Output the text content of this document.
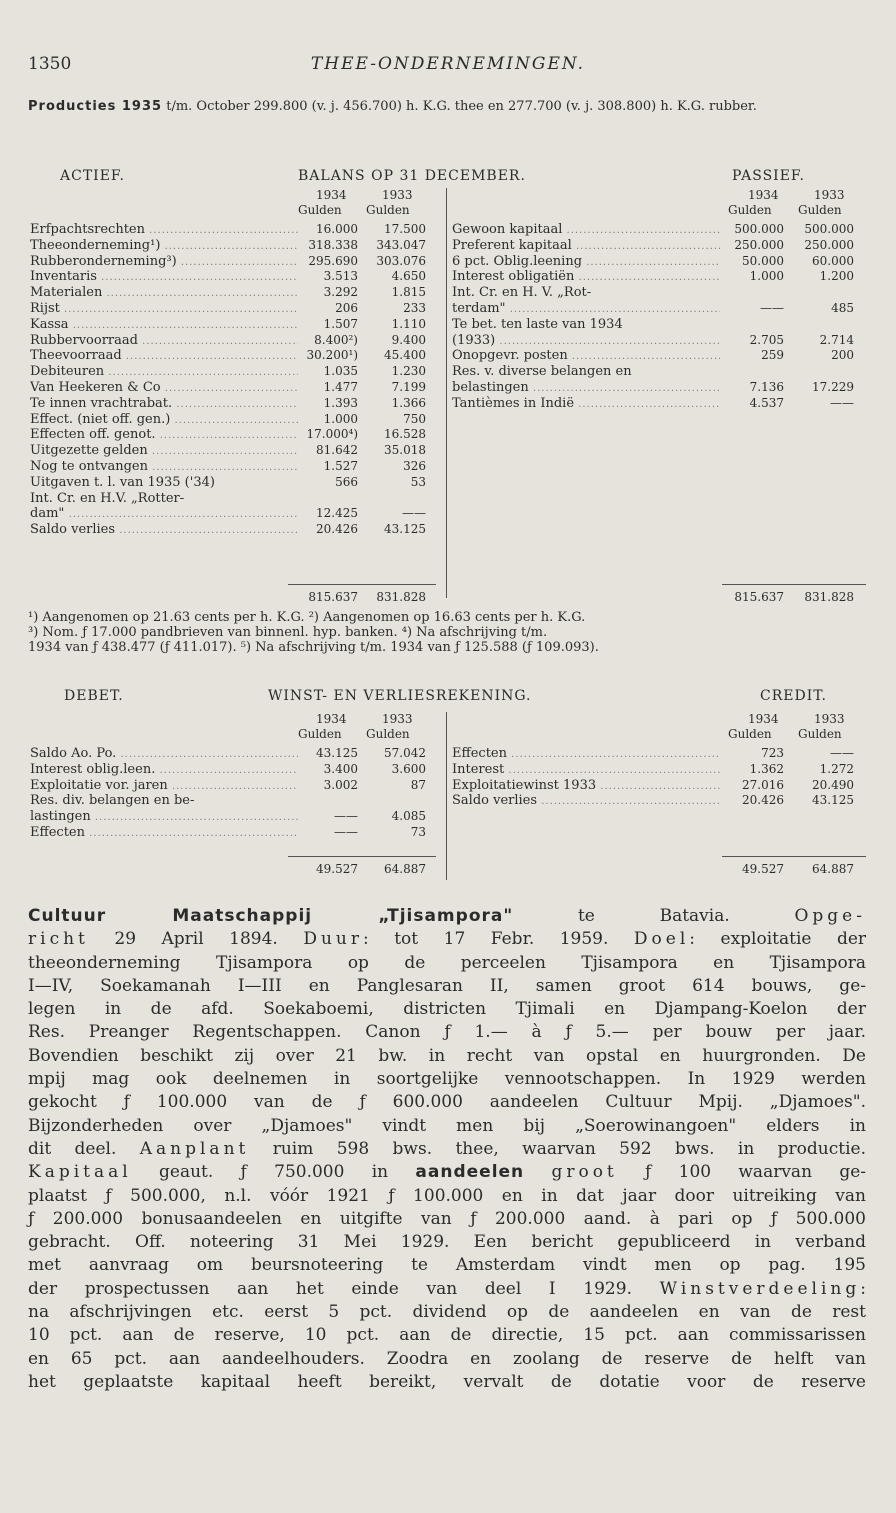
1350	THEE-ONDERNEMINGEN.
Producties 1935 t/m. October 299.800 (v. j. 456.700) h. K.G. thee en 277.700 (v. j. 308.800) h. K.G. rubber.
ACTIEF.	BALANS OP 31 DECEMBER.	PASSIEF.
1934	1933
Gulden Gulden
1934	1933
Gulden Gulden
Erfpachtsrechten .....	16.000	17.500
Theeonderneming¹) .....	318.338	343.047
Rubberonderneming³) .....	295.690	303.076
Inventaris .....	3.513	4.650
Materialen .....	3.292	1.815
Rijst .....	206	233
Kassa .....	1.507	1.110
Rubbervoorraad .....	8.400²)	9.400
Theevoorraad .....	30.200¹)	45.400
Debiteuren .....	1.035	1.230
Van Heekeren & Co .....	1.477	7.199
Te innen vrachtrabat. .....	1.393	1.366
Effect. (niet off. gen.) .....	1.000	750
Effecten off. genot. .....	17.000⁴)	16.528
Uitgezette gelden .....	81.642	35.018
Nog te ontvangen .....	1.527	326
Uitgaven t. l. van 1935 ('34)	566	53
Int. Cr. en H.V. „Rotter-
dam" .....	12.425	——
Saldo verlies .....	20.426	43.125
Gewoon kapitaal .....	500.000	500.000
Preferent kapitaal .....	250.000	250.000
6 pct. Oblig.leening .....	50.000	60.000
Interest obligatiën .....	1.000	1.200
Int. Cr. en H. V. „Rot-
terdam" .....	——	485
Te bet. ten laste van 1934
(1933) .....	2.705	2.714
Onopgevr. posten .....	259	200
Res. v. diverse belangen en
belastingen .....	7.136	17.229
Tantièmes in Indië .....	4.537	——
815.637	831.828	815.637	831.828
¹) Aangenomen op 21.63 cents per h. K.G. ²) Aangenomen op 16.63 cents per h. K.G.
³) Nom. ƒ 17.000 pandbrieven van binnenl. hyp. banken. ⁴) Na afschrijving t/m.
1934 van ƒ 438.477 (ƒ 411.017). ⁵) Na afschrijving t/m. 1934 van ƒ 125.588 (ƒ 109.093).
DEBET.	WINST- EN VERLIESREKENING.	CREDIT.
1934	1933
Gulden Gulden
1934	1933
Gulden Gulden
Saldo Ao. Po. .....	43.125	57.042
Interest oblig.leen. .....	3.400	3.600
Exploitatie vor. jaren .....	3.002	87
Res. div. belangen en be-
lastingen .....	——	4.085
Effecten .....	——	73
Effecten .....	723	——
Interest .....	1.362	1.272
Exploitatiewinst 1933 .....	27.016	20.490
Saldo verlies .....	20.426	43.125
49.527	64.887	49.527	64.887
Cultuur Maatschappij „Tjisampora" te Batavia. Opge-
richt 29 April 1894. Duur: tot 17 Febr. 1959. Doel: exploitatie der
theeonderneming Tjisampora op de perceelen Tjisampora en Tjisampora
I—IV, Soekamanah I—III en Panglesaran II, samen groot 614 bouws, ge-
legen in de afd. Soekaboemi, districten Tjimali en Djampang-Koelon der
Res. Preanger Regentschappen. Canon ƒ 1.— à ƒ 5.— per bouw per jaar.
Bovendien beschikt zij over 21 bw. in recht van opstal en huurgronden. De
mpij mag ook deelnemen in soortgelijke vennootschappen. In 1929 werden
gekocht ƒ 100.000 van de ƒ 600.000 aandeelen Cultuur Mpij. „Djamoes".
Bijzonderheden over „Djamoes" vindt men bij „Soerowinangoen" elders in
dit deel. Aanplant ruim 598 bws. thee, waarvan 592 bws. in productie.
Kapitaal geaut. ƒ 750.000 in aandeelen groot ƒ 100 waarvan ge-
plaatst ƒ 500.000, n.l. vóór 1921 ƒ 100.000 en in dat jaar door uitreiking van
ƒ 200.000 bonusaandeelen en uitgifte van ƒ 200.000 aand. à pari op ƒ 500.000
gebracht. Off. noteering 31 Mei 1929. Een bericht gepubliceerd in verband
met aanvraag om beursnoteering te Amsterdam vindt men op pag. 195
der prospectussen aan het einde van deel I 1929. Winstverdeeling:
na afschrijvingen etc. eerst 5 pct. dividend op de aandeelen en van de rest
10 pct. aan de reserve, 10 pct. aan de directie, 15 pct. aan commissarissen
en 65 pct. aan aandeelhouders. Zoodra en zoolang de reserve de helft van
het geplaatste kapitaal heeft bereikt, vervalt de dotatie voor de reserve
